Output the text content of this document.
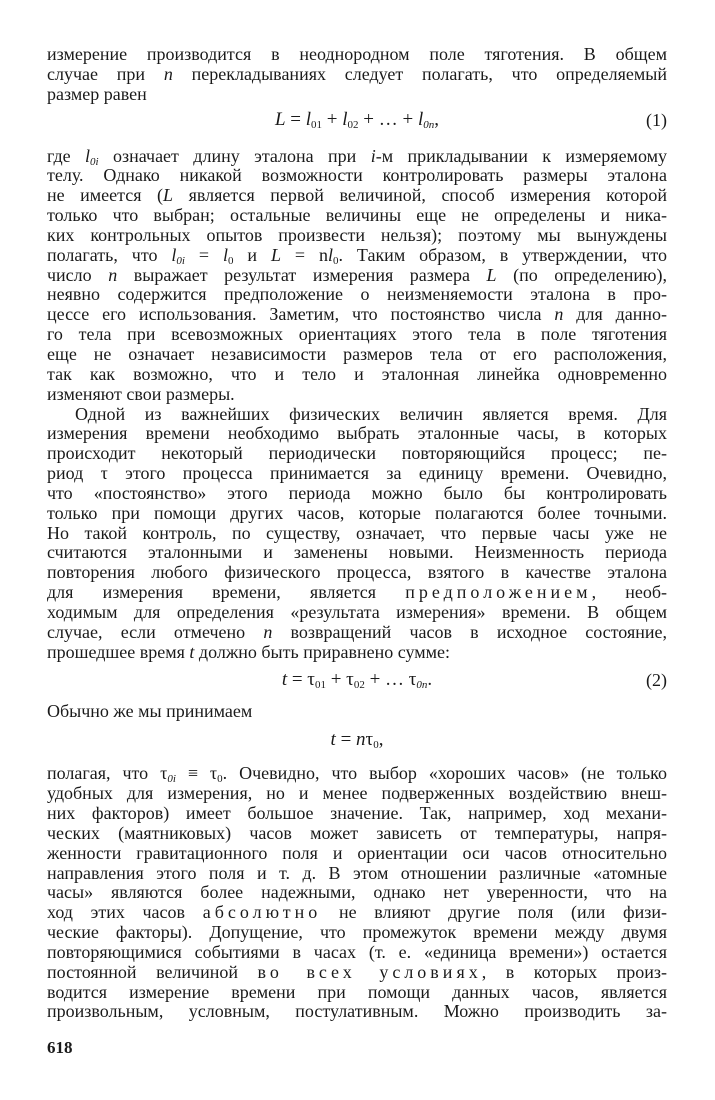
измерение производится в неоднородном поле тяготения. В общем
случае при n перекладываниях следует полагать, что определяемый
размер равен
$L = l_{01} + l_{02}$ + … + l0n,	(1)
где l0i означает длину эталона при i-м прикладывании к измеряемому
телу. Однако никакой возможности контролировать размеры эталона
не имеется (L является первой величиной, способ измерения которой
только что выбран; остальные величины еще не определены и ника-
ких контрольных опытов произвести нельзя); поэтому мы вынуждены
полагать, что $l0i = l_0$ и $L = nl_0$. Таким образом, в утверждении, что
число n выражает результат измерения размера L (по определению),
неявно содержится предположение о неизменяемости эталона в про-
цессе его использования. Заметим, что постоянство числа n для данно-
го тела при всевозможных ориентациях этого тела в поле тяготения
еще не означает независимости размеров тела от его расположения,
так как возможно, что и тело и эталонная линейка одновременно
изменяют свои размеры.
Одной из важнейших физических величин является время. Для
измерения времени необходимо выбрать эталонные часы, в которых
происходит некоторый периодически повторяющийся процесс; пе-
риод τ этого процесса принимается за единицу времени. Очевидно,
что «постоянство» этого периода можно было бы контролировать
только при помощи других часов, которые полагаются более точными.
Но такой контроль, по существу, означает, что первые часы уже не
считаются эталонными и заменены новыми. Неизменность периода
повторения любого физического процесса, взятого в качестве эталона
для измерения времени, является предположением, необ-
ходимым для определения «результата измерения» времени. В общем
случае, если отмечено n возвращений часов в исходное состояние,
прошедшее время t должно быть приравнено сумме:
$t = \tau_{01} + \tau_{02}$ + … τ0n.	(2)
Обычно же мы принимаем
$t = n\tau_0$,
полагая, что $\tau 0i \equiv \tau_0$. Очевидно, что выбор «хороших часов» (не только
удобных для измерения, но и менее подверженных воздействию внеш-
них факторов) имеет большое значение. Так, например, ход механи-
ческих (маятниковых) часов может зависеть от температуры, напря-
женности гравитационного поля и ориентации оси часов относительно
направления этого поля и т. д. В этом отношении различные «атомные
часы» являются более надежными, однако нет уверенности, что на
ход этих часов абсолютно не влияют другие поля (или физи-
ческие факторы). Допущение, что промежуток времени между двумя
повторяющимися событиями в часах (т. е. «единица времени») остается
постоянной величиной во всех условиях, в которых произ-
водится измерение времени при помощи данных часов, является
произвольным, условным, постулативным. Можно производить за-
618
